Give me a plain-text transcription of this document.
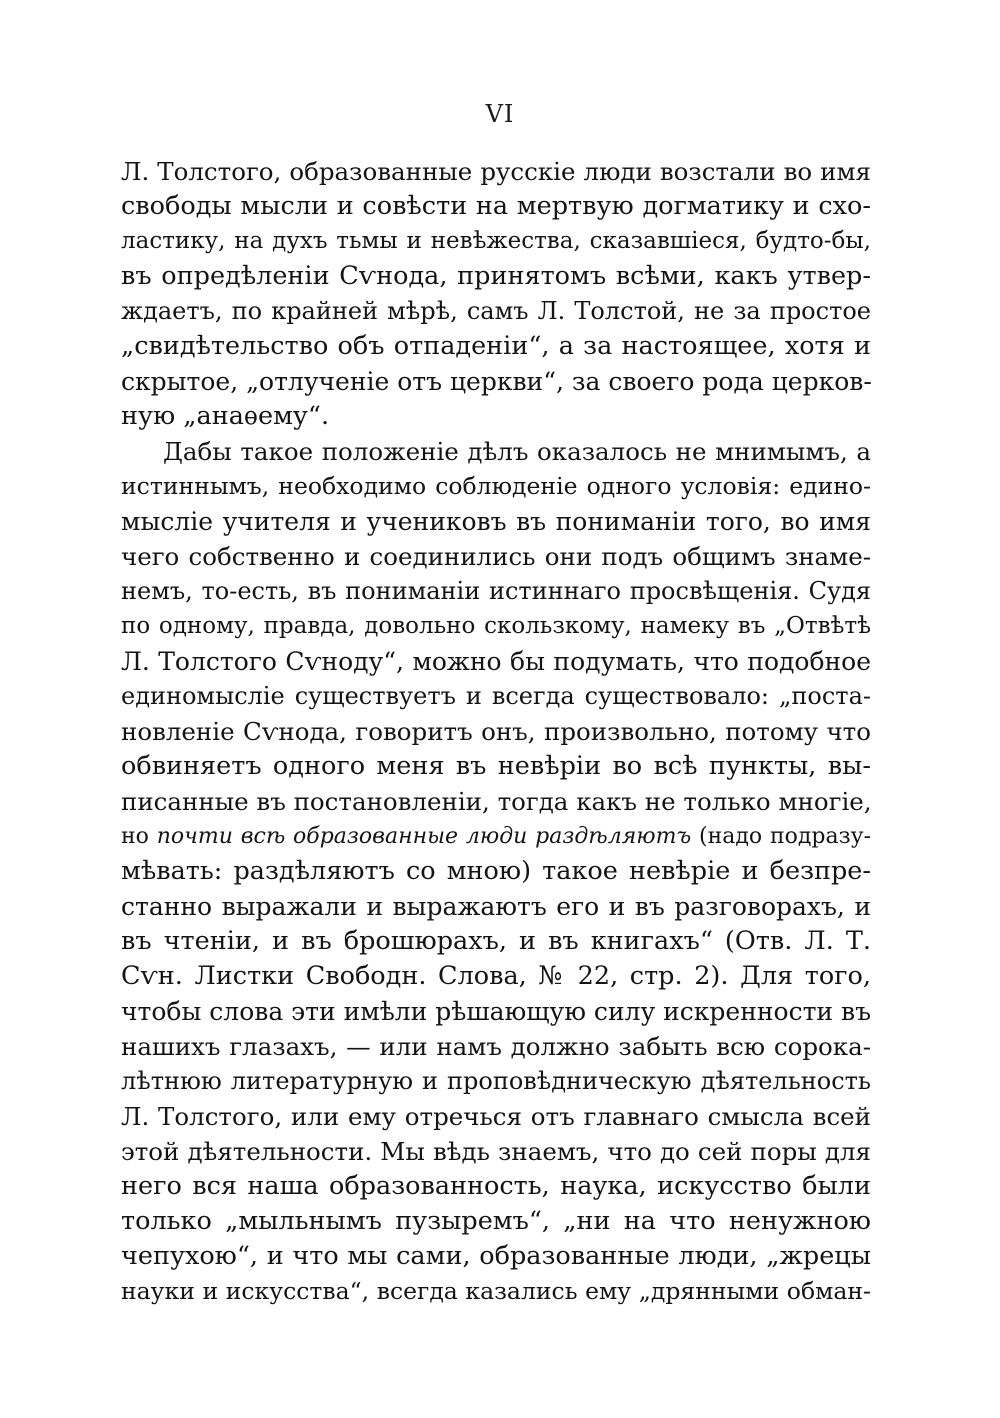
VI
Л. Толстого, образованные русскіе люди возстали во имя
свободы мысли и совѣсти на мертвую догматику и схо-
ластику, на духъ тьмы и невѣжества, сказавшіеся, будто-бы,
въ опредѣленіи Сѵнода, принятомъ всѣми, какъ утвер-
ждаетъ, по крайней мѣрѣ, самъ Л. Толстой, не за простое
„свидѣтельство объ отпаденіи“, а за настоящее, хотя и
скрытое, „отлученіе отъ церкви“, за своего рода церков-
ную „анаѳему“.
Дабы такое положеніе дѣлъ оказалось не мнимымъ, а
истиннымъ, необходимо соблюденіе одного условія: едино-
мысліе учителя и учениковъ въ пониманіи того, во имя
чего собственно и соединились они подъ общимъ знаме-
немъ, то-есть, въ пониманіи истиннаго просвѣщенія. Судя
по одному, правда, довольно скользкому, намеку въ „Отвѣтѣ
Л. Толстого Сѵноду“, можно бы подумать, что подобное
единомысліе существуетъ и всегда существовало: „поста-
новленіе Сѵнода, говоритъ онъ, произвольно, потому что
обвиняетъ одного меня въ невѣріи во всѣ пункты, вы-
писанные въ постановленіи, тогда какъ не только многіе,
но почти всѣ образованные люди раздѣляютъ (надо подразу-
мѣвать: раздѣляютъ со мною) такое невѣріе и безпре-
станно выражали и выражаютъ его и въ разговорахъ, и
въ чтеніи, и въ брошюрахъ, и въ книгахъ“ (Отв. Л. Т.
Сѵн. Листки Свободн. Слова, № 22, стр. 2). Для того,
чтобы слова эти имѣли рѣшающую силу искренности въ
нашихъ глазахъ, — или намъ должно забыть всю сорока-
лѣтнюю литературную и проповѣдническую дѣятельность
Л. Толстого, или ему отречься отъ главнаго смысла всей
этой дѣятельности. Мы вѣдь знаемъ, что до сей поры для
него вся наша образованность, наука, искусство были
только „мыльнымъ пузыремъ“, „ни на что ненужною
чепухою“, и что мы сами, образованные люди, „жрецы
науки и искусства“, всегда казались ему „дрянными обман-
